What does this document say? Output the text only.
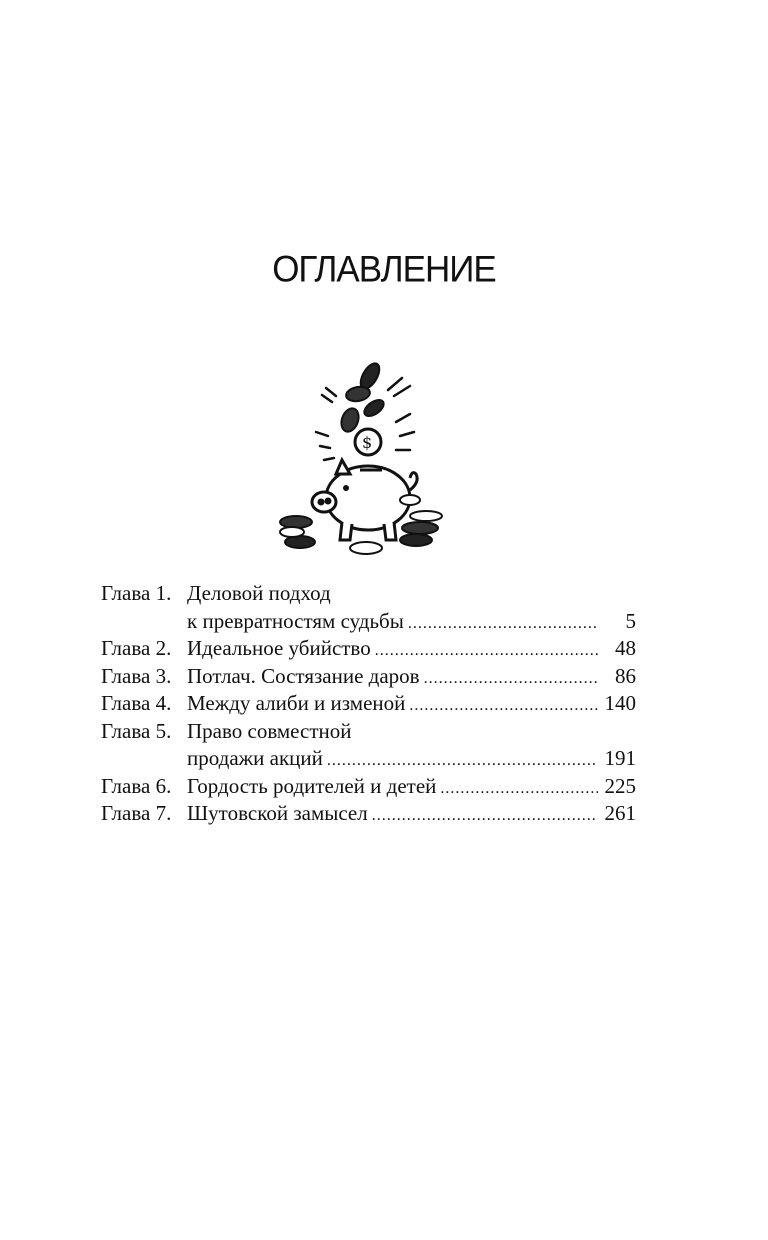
ОГЛАВЛЕНИЕ
$
Глава 1. Деловой подход
к превратностям судьбы .....	5
Глава 2. Идеальное убийство .....	48
Глава 3. Потлач. Состязание даров .....	86
Глава 4. Между алиби и изменой .....	140
Глава 5. Право совместной
продажи акций .....	191
Глава 6. Гордость родителей и детей .....	225
Глава 7. Шутовской замысел .....	261
